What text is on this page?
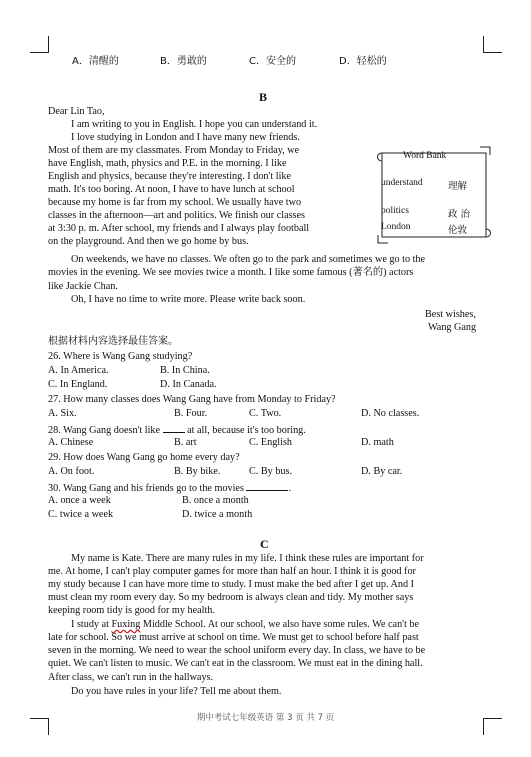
A．清醒的	B．勇敢的	C．安全的	D．轻松的
B
Dear Lin Tao,
I am writing to you in English. I hope you can understand it.
I love studying in London and I have many new friends.
Most of them are my classmates. From Monday to Friday, we
have English, math, physics and P.E. in the morning. I like
English and physics, because they're interesting. I don't like
math. It's too boring. At noon, I have to have lunch at school
because my home is far from my school. We usually have two
classes in the afternoon—art and politics. We finish our classes
at 3:30 p. m. After school, my friends and I always play football
on the playground. And then we go home by bus.
Word Bank
understand	理解
politics	政 治
London	伦敦
On weekends, we have no classes. We often go to the park and sometimes we go to the
movies in the evening. We see movies twice a month. I like some famous (著名的) actors
like Jackie Chan.
Oh, I have no time to write more. Please write back soon.
Best wishes,
Wang Gang
根据材料内容选择最佳答案。
26. Where is Wang Gang studying?
A. In America.	B. In China.
C. In England.	D. In Canada.
27. How many classes does Wang Gang have from Monday to Friday?
A. Six.	B. Four.	C. Two.	D. No classes.
28. Wang Gang doesn't like	at all, because it's too boring.
A. Chinese	B. art	C. English	D. math
29. How does Wang Gang go home every day?
A. On foot.	B. By bike.	C. By bus.	D. By car.
30. Wang Gang and his friends go to the movies	.
A. once a week	B. once a month
C. twice a week	D. twice a month
C
My name is Kate. There are many rules in my life. I think these rules are important for
me. At home, I can't play computer games for more than half an hour. I think it is good for
my study because I can have more time to study. I must make the bed after I get up. And I
must clean my room every day. So my bedroom is always clean and tidy. My mother says
keeping room tidy is good for my health.
I study at Fuxing Middle School. At our school, we also have some rules. We can't be
late for school. So we must arrive at school on time. We must get to school before half past
seven in the morning. We need to wear the school uniform every day. In class, we have to be
quiet. We can't listen to music. We can't eat in the classroom. We must eat in the dining hall.
After class, we can't run in the hallways.
Do you have rules in your life? Tell me about them.
期中考试七年级英语 第 3 页 共 7 页
